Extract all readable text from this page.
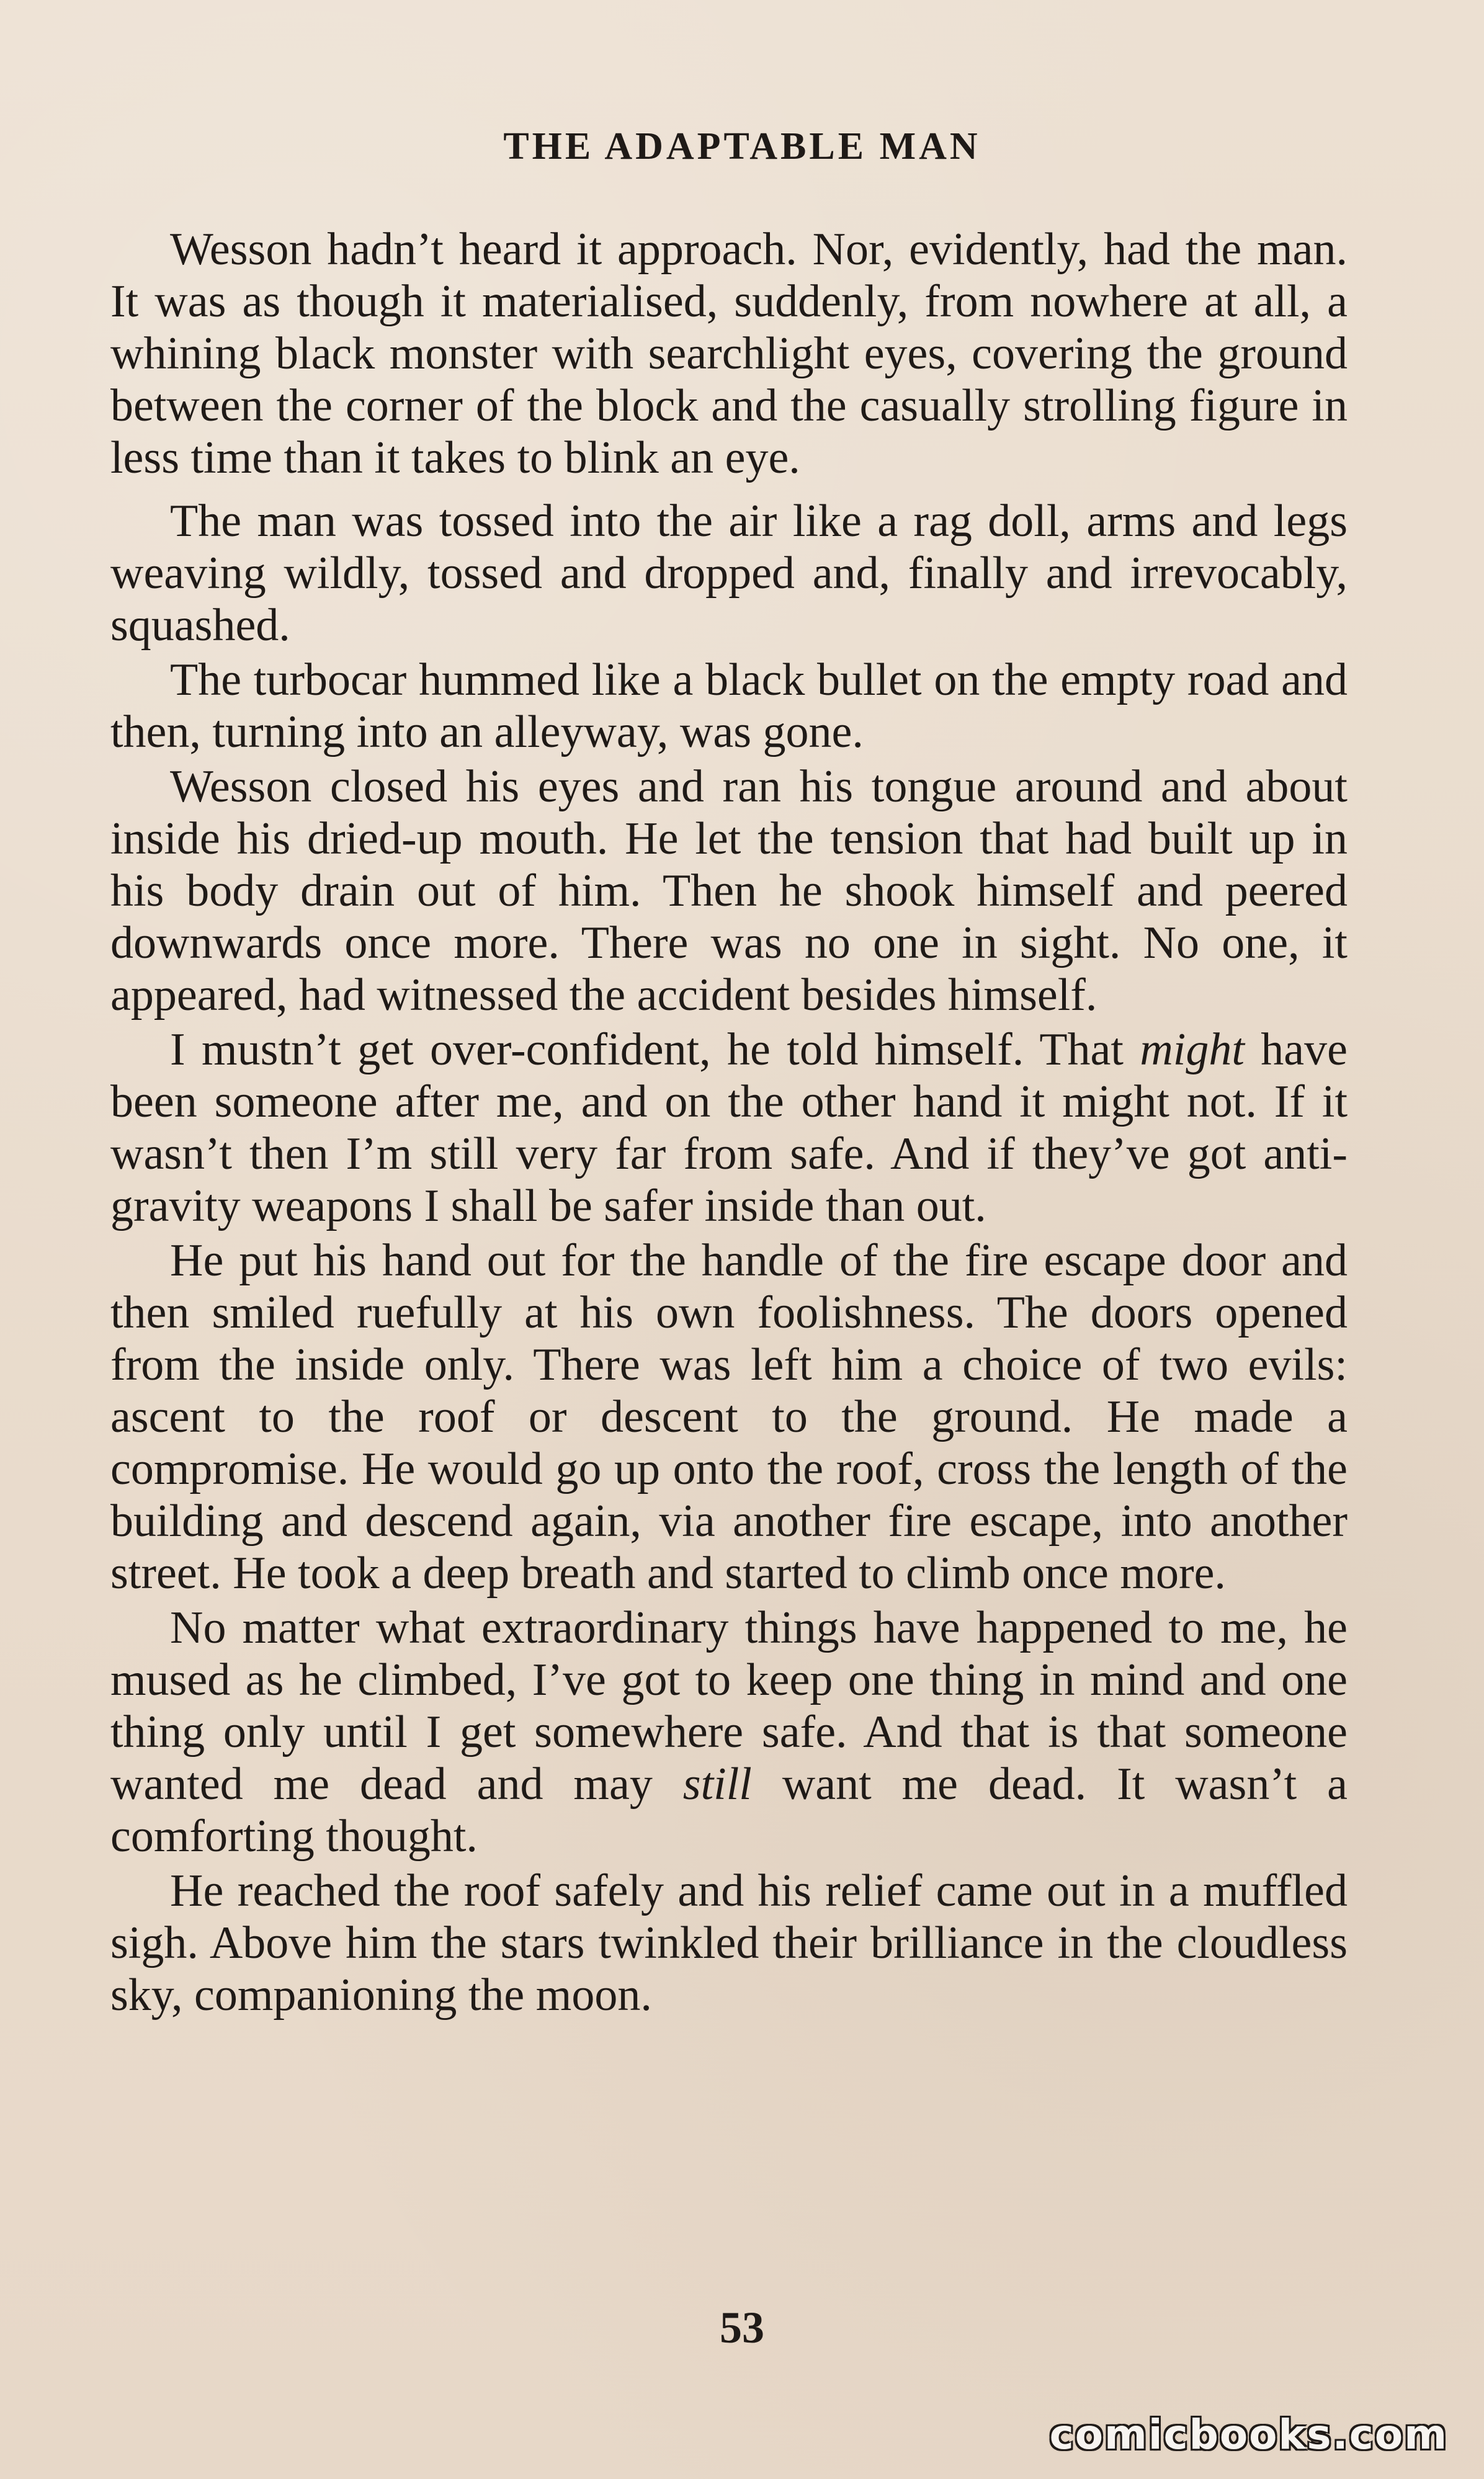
THE ADAPTABLE MAN

Wesson hadn’t heard it approach. Nor, evidently, had the man. It was as though it materialised, suddenly, from nowhere at all, a whining black monster with searchlight eyes, covering the ground between the corner of the block and the casually strolling figure in less time than it takes to blink an eye.

The man was tossed into the air like a rag doll, arms and legs weaving wildly, tossed and dropped and, finally and irrevocably, squashed.

The turbocar hummed like a black bullet on the empty road and then, turning into an alleyway, was gone.

Wesson closed his eyes and ran his tongue around and about inside his dried-up mouth. He let the tension that had built up in his body drain out of him. Then he shook himself and peered downwards once more. There was no one in sight. No one, it appeared, had witnessed the accident besides himself.

I mustn’t get over-confident, he told himself. That might have been someone after me, and on the other hand it might not. If it wasn’t then I’m still very far from safe. And if they’ve got anti-gravity weapons I shall be safer inside than out.

He put his hand out for the handle of the fire escape door and then smiled ruefully at his own foolishness. The doors opened from the inside only. There was left him a choice of two evils: ascent to the roof or descent to the ground. He made a compromise. He would go up onto the roof, cross the length of the building and descend again, via another fire escape, into another street. He took a deep breath and started to climb once more.

No matter what extraordinary things have happened to me, he mused as he climbed, I’ve got to keep one thing in mind and one thing only until I get somewhere safe. And that is that someone wanted me dead and may still want me dead. It wasn’t a comforting thought.

He reached the roof safely and his relief came out in a muffled sigh. Above him the stars twinkled their brilliance in the cloudless sky, companioning the moon.

53
comicbooks.com
